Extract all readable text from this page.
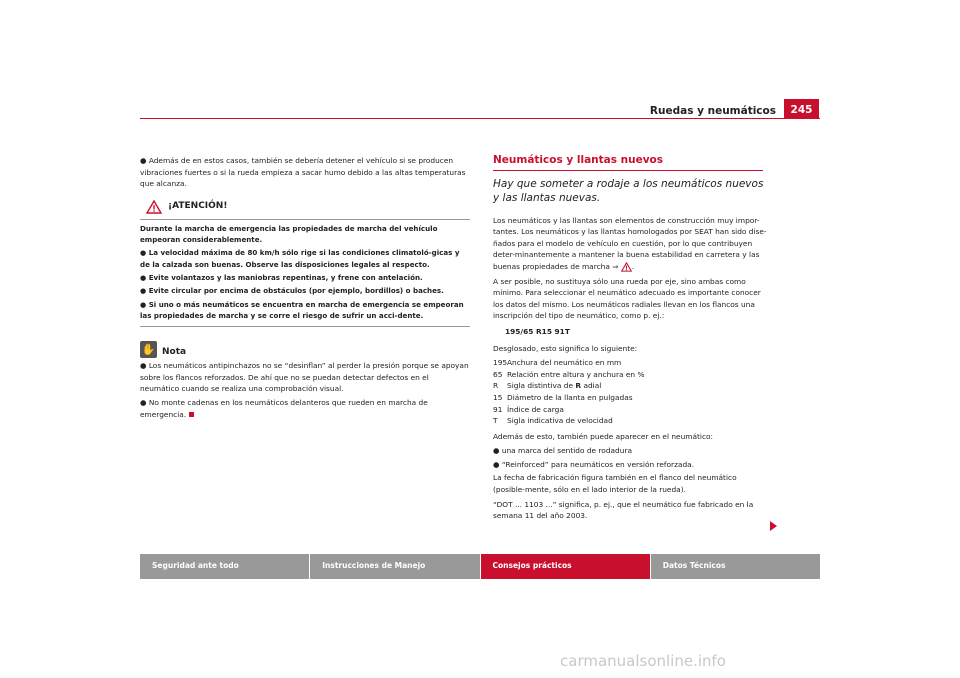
Ruedas y neumáticos	245

● Además de en estos casos, también se debería detener el vehículo si se producen vibraciones fuertes o si la rueda empieza a sacar humo debido a las altas temperaturas que alcanza.

¡ATENCIÓN!

Durante la marcha de emergencia las propiedades de marcha del vehículo empeoran considerablemente.

● La velocidad máxima de 80 km/h sólo rige si las condiciones climatoló-gicas y de la calzada son buenas. Observe las disposiciones legales al respecto.

● Evite volantazos y las maniobras repentinas, y frene con antelación.

● Evite circular por encima de obstáculos (por ejemplo, bordillos) o baches.

● Si uno o más neumáticos se encuentra en marcha de emergencia se empeoran las propiedades de marcha y se corre el riesgo de sufrir un acci-dente.

✋ Nota

● Los neumáticos antipinchazos no se “desinflan” al perder la presión porque se apoyan sobre los flancos reforzados. De ahí que no se puedan detectar defectos en el neumático cuando se realiza una comprobación visual.

● No monte cadenas en los neumáticos delanteros que rueden en marcha de emergencia.

Neumáticos y llantas nuevos
Hay que someter a rodaje a los neumáticos nuevos y las llantas nuevas.

Los neumáticos y las llantas son elementos de construcción muy impor-tantes. Los neumáticos y las llantas homologados por SEAT han sido dise-ñados para el modelo de vehículo en cuestión, por lo que contribuyen deter-minantemente a mantener la buena estabilidad en carretera y las buenas propiedades de marcha ⇒ .

A ser posible, no sustituya sólo una rueda por eje, sino ambas como mínimo. Para seleccionar el neumático adecuado es importante conocer los datos del mismo. Los neumáticos radiales llevan en los flancos una inscripción del tipo de neumático, como p. ej.:

195/65 R15 91T

Desglosado, esto significa lo siguiente:

195 Anchura del neumático en mm
65 Relación entre altura y anchura en %
R	Sigla distintiva de R adial
15 Diámetro de la llanta en pulgadas
91 Índice de carga
T	Sigla indicativa de velocidad

Además de esto, también puede aparecer en el neumático:

● una marca del sentido de rodadura

● “Reinforced” para neumáticos en versión reforzada.

La fecha de fabricación figura también en el flanco del neumático (posible-mente, sólo en el lado interior de la rueda).

“DOT ... 1103 ...” significa, p. ej., que el neumático fue fabricado en la semana 11 del año 2003.

Seguridad ante todo	Instrucciones de Manejo	Consejos prácticos	Datos Técnicos
carmanualsonline.info
